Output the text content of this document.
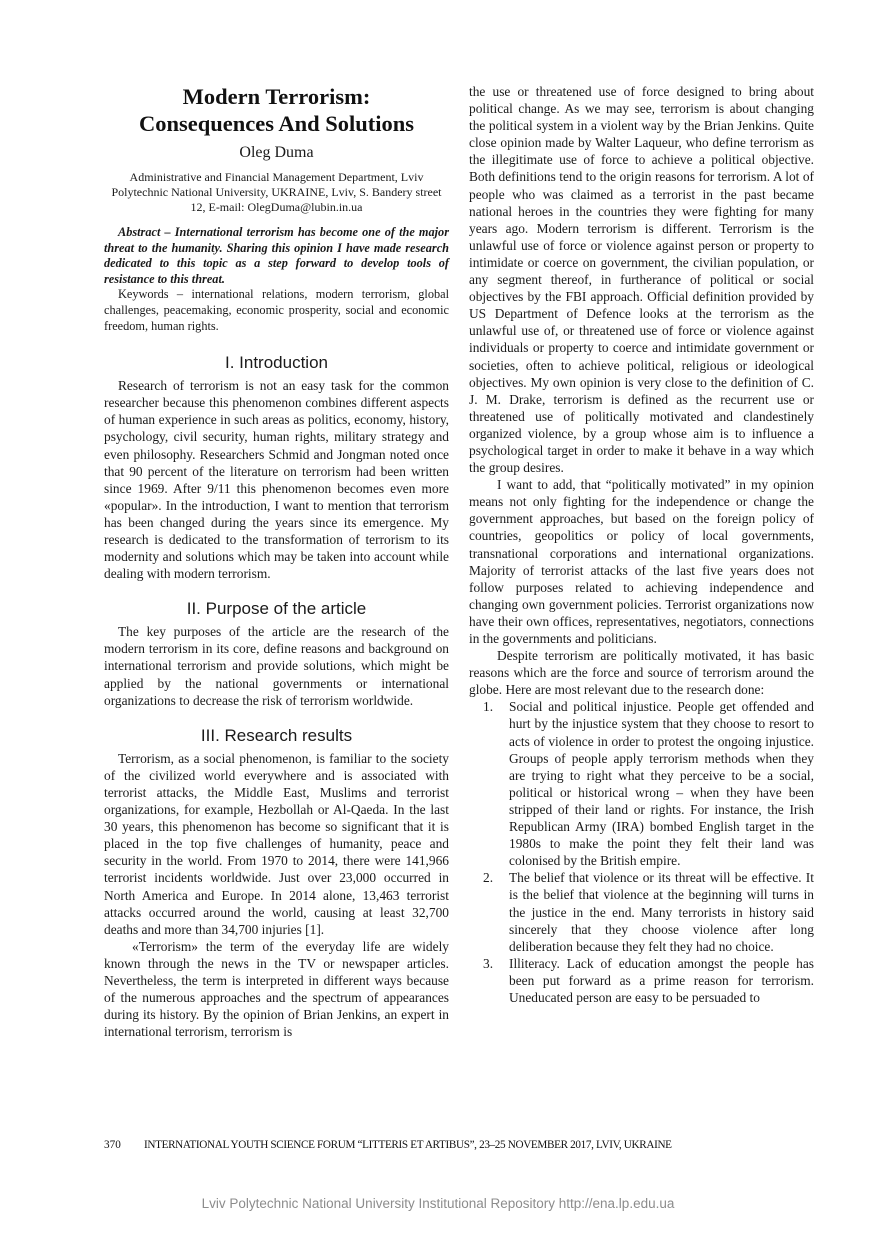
Modern Terrorism:
Consequences And Solutions
Oleg Duma
Administrative and Financial Management Department, Lviv Polytechnic National University, UKRAINE, Lviv, S. Bandery street 12, E-mail: OlegDuma@lubin.in.ua

Abstract – International terrorism has become one of the major threat to the humanity. Sharing this opinion I have made research dedicated to this topic as a step forward to develop tools of resistance to this threat.

Keywords – international relations, modern terrorism, global challenges, peacemaking, economic prosperity, social and economic freedom, human rights.

I. Introduction

Research of terrorism is not an easy task for the common researcher because this phenomenon combines different aspects of human experience in such areas as politics, economy, history, psychology, civil security, human rights, military strategy and even philosophy. Researchers Schmid and Jongman noted once that 90 percent of the literature on terrorism had been written since 1969. After 9/11 this phenomenon becomes even more «popular». In the introduction, I want to mention that terrorism has been changed during the years since its emergence. My research is dedicated to the transformation of terrorism to its modernity and solutions which may be taken into account while dealing with modern terrorism.

II. Purpose of the article

The key purposes of the article are the research of the modern terrorism in its core, define reasons and background on international terrorism and provide solutions, which might be applied by the national governments or international organizations to decrease the risk of terrorism worldwide.

III. Research results

Terrorism, as a social phenomenon, is familiar to the society of the civilized world everywhere and is associated with terrorist attacks, the Middle East, Muslims and terrorist organizations, for example, Hezbollah or Al-Qaeda. In the last 30 years, this phenomenon has become so significant that it is placed in the top five challenges of humanity, peace and security in the world. From 1970 to 2014, there were 141,966 terrorist incidents worldwide. Just over 23,000 occurred in North America and Europe. In 2014 alone, 13,463 terrorist attacks occurred around the world, causing at least 32,700 deaths and more than 34,700 injuries [1].

«Terrorism» the term of the everyday life are widely known through the news in the TV or newspaper articles. Nevertheless, the term is interpreted in different ways because of the numerous approaches and the spectrum of appearances during its history. By the opinion of Brian Jenkins, an expert in international terrorism, terrorism is

the use or threatened use of force designed to bring about political change. As we may see, terrorism is about changing the political system in a violent way by the Brian Jenkins. Quite close opinion made by Walter Laqueur, who define terrorism as the illegitimate use of force to achieve a political objective. Both definitions tend to the origin reasons for terrorism. A lot of people who was claimed as a terrorist in the past became national heroes in the countries they were fighting for many years ago. Modern terrorism is different. Terrorism is the unlawful use of force or violence against person or property to intimidate or coerce on government, the civilian population, or any segment thereof, in furtherance of political or social objectives by the FBI approach. Official definition provided by US Department of Defence looks at the terrorism as the unlawful use of, or threatened use of force or violence against individuals or property to coerce and intimidate government or societies, often to achieve political, religious or ideological objectives. My own opinion is very close to the definition of C. J. M. Drake, terrorism is defined as the recurrent use or threatened use of politically motivated and clandestinely organized violence, by a group whose aim is to influence a psychological target in order to make it behave in a way which the group desires.

I want to add, that “politically motivated” in my opinion means not only fighting for the independence or change the government approaches, but based on the foreign policy of countries, geopolitics or policy of local governments, transnational corporations and international organizations. Majority of terrorist attacks of the last five years does not follow purposes related to achieving independence and changing own government policies. Terrorist organizations now have their own offices, representatives, negotiators, connections in the governments and politicians.

Despite terrorism are politically motivated, it has basic reasons which are the force and source of terrorism around the globe. Here are most relevant due to the research done:

1. Social and political injustice. People get offended and hurt by the injustice system that they choose to resort to acts of violence in order to protest the ongoing injustice. Groups of people apply terrorism methods when they are trying to right what they perceive to be a social, political or historical wrong – when they have been stripped of their land or rights. For instance, the Irish Republican Army (IRA) bombed English target in the 1980s to make the point they felt their land was colonised by the British empire.
2. The belief that violence or its threat will be effective. It is the belief that violence at the beginning will turns in the justice in the end. Many terrorists in history said sincerely that they choose violence after long deliberation because they felt they had no choice.
3. Illiteracy. Lack of education amongst the people has been put forward as a prime reason for terrorism. Uneducated person are easy to be persuaded to
370 INTERNATIONAL YOUTH SCIENCE FORUM “LITTERIS ET ARTIBUS”, 23–25 NOVEMBER 2017, LVIV, UKRAINE
Lviv Polytechnic National University Institutional Repository http://ena.lp.edu.ua
